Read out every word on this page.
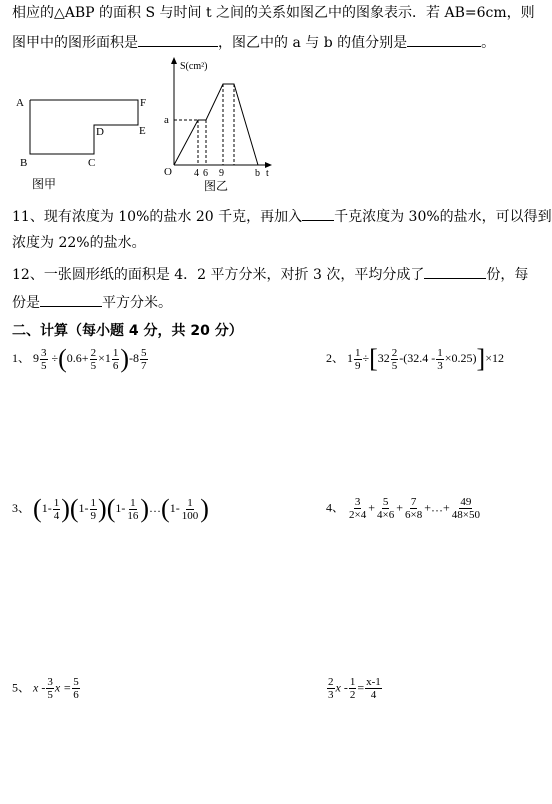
相应的△ABP 的面积 S 与时间 t 之间的关系如图乙中的图象表示．若 AB=6cm，则
图甲中的图形面积是	，图乙中的 a 与 b 的值分别是	。
A	F
E
D
B	C
图甲
S(cm²)
a
O 4 6 9	b t
图乙
11、现有浓度为 10%的盐水 20 千克，再加入 千克浓度为 30%的盐水，可以得到
浓度为 22%的盐水。
12、一张圆形纸的面积是 4．2 平方分米，对折 3 次，平均分成了	份，每
份是	平方分米。
二、计算（每小题 4 分，共 20 分）
1、 $9 \frac{3}{5} \div(0.6+ \frac{2}{5} \times 1 \frac{1}{6} )-8 \frac{5}{7}$	2、 $1 \frac{1}{9} \div[32 \frac{2}{5} -(32.4 - \frac{1}{3} \times 0.25)]\times 12$
3、 $(1- \frac{1}{4} )(1- \frac{1}{9} )(1- \frac{1}{16}$ )…(1- $\frac{1}{100}$ )	4、 $\frac{3}{2\times 4} + \frac{5}{4\times 6} + \frac{7}{6\times 8}$ +…+ $\frac{49}{48\times 50}$
5、 x - $\frac{3}{5}$ $x = \frac{5}{6}$	$\frac{2}{3}$ $x - \frac{1}{2} = \frac{x-1}{4}$
